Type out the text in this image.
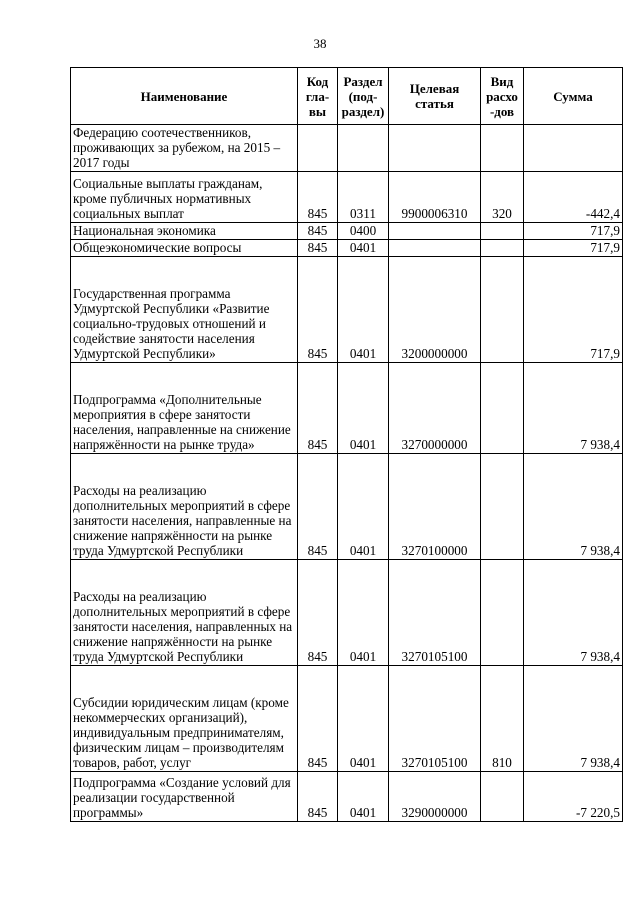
38
Наименование	Код гла- вы	Раздел (под- раздел)	Целевая статья	Вид расхо -дов	Сумма
Федерацию соотечественников, проживающих за рубежом, на 2015 – 2017 годы					
Социальные выплаты гражданам, кроме публичных нормативных социальных выплат	845	0311	9900006310	320	-442,4
Национальная экономика	845	0400			717,9
Общеэкономические вопросы	845	0401			717,9
Государственная программа Удмуртской Республики «Развитие социально-трудовых отношений и содействие занятости населения Удмуртской Республики»	845	0401	3200000000		717,9
Подпрограмма «Дополнительные мероприятия в сфере занятости населения, направленные на снижение напряжённости на рынке труда»	845	0401	3270000000		7 938,4
Расходы на реализацию дополнительных мероприятий в сфере занятости населения, направленные на снижение напряжённости на рынке труда Удмуртской Республики	845	0401	3270100000		7 938,4
Расходы на реализацию дополнительных мероприятий в сфере занятости населения, направленных на снижение напряжённости на рынке труда Удмуртской Республики	845	0401	3270105100		7 938,4
Субсидии юридическим лицам (кроме некоммерческих организаций), индивидуальным предпринимателям, физическим лицам – производителям товаров, работ, услуг	845	0401	3270105100	810	7 938,4
Подпрограмма «Создание условий для реализации государственной программы»	845	0401	3290000000		-7 220,5
